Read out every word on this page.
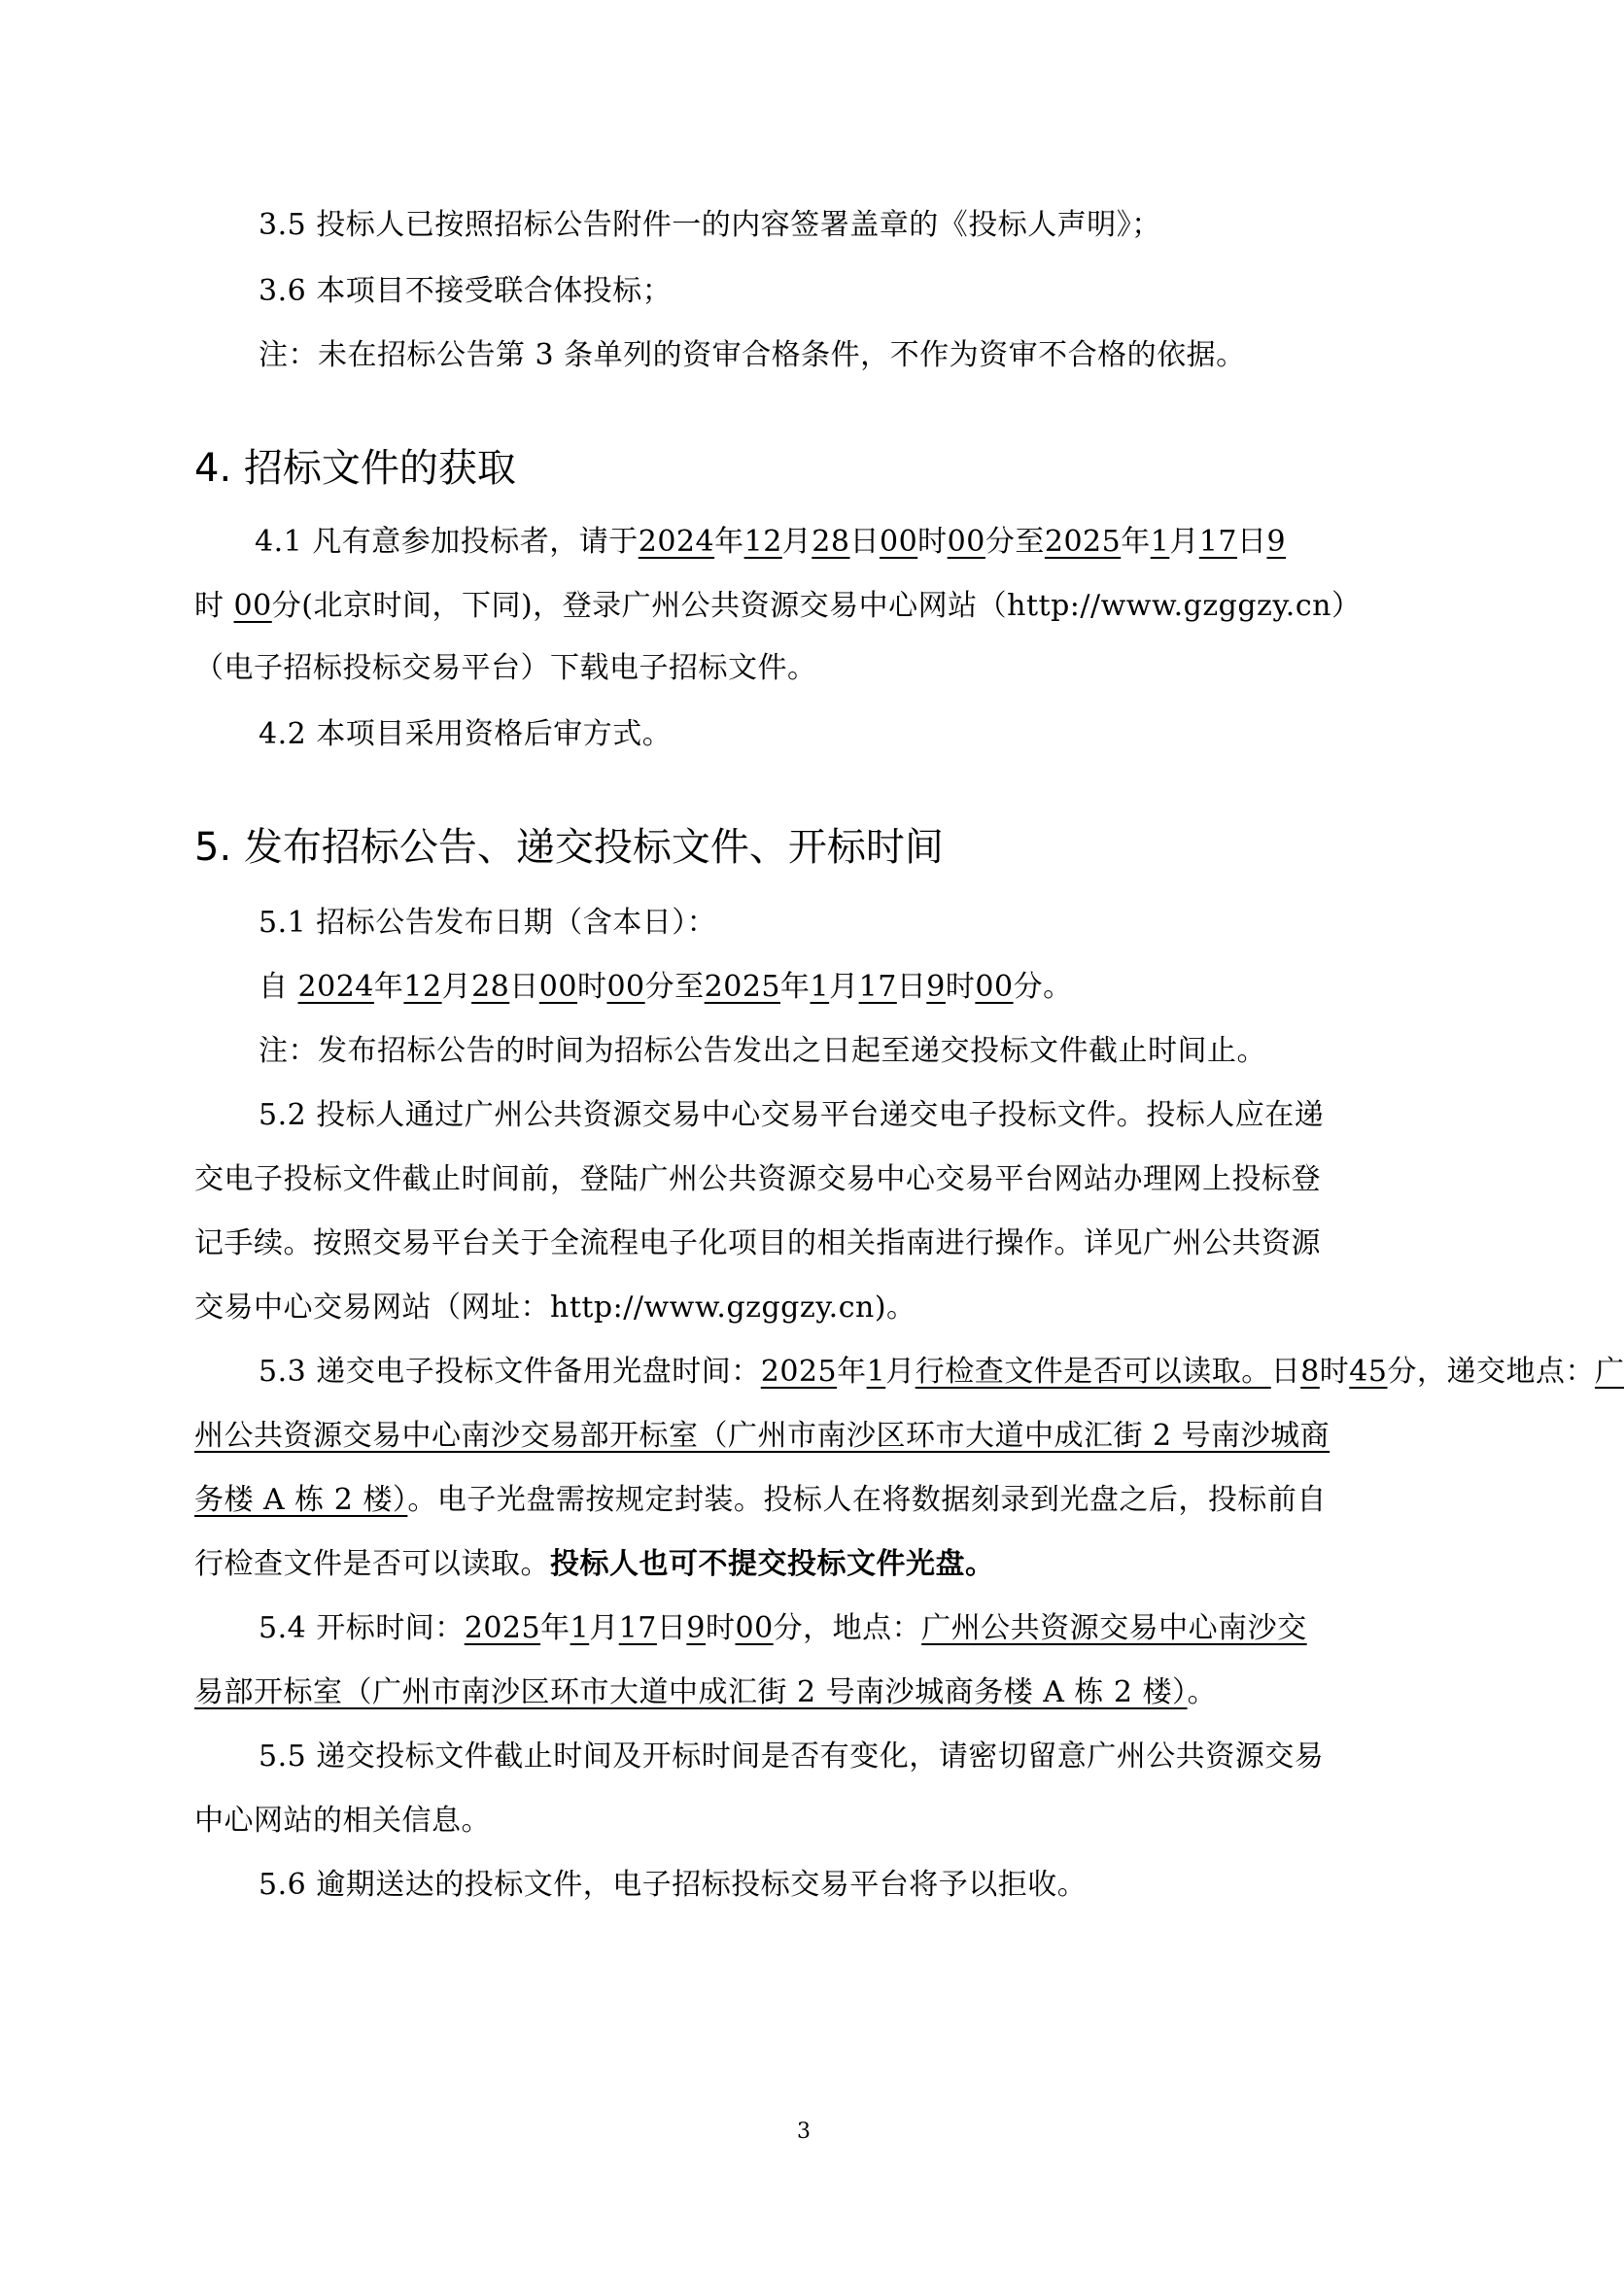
3.5 投标人已按照招标公告附件一的内容签署盖章的《投标人声明》；
3.6 本项目不接受联合体投标；
注：未在招标公告第 3 条单列的资审合格条件，不作为资审不合格的依据。
4. 招标文件的获取
4.1 凡有意参加投标者，请于2024年12月28日00时00分至2025年1月17日9
时 00分(北京时间，下同)，登录广州公共资源交易中心网站（http://www.gzggzy.cn）
（电子招标投标交易平台）下载电子招标文件。
4.2 本项目采用资格后审方式。
5. 发布招标公告、递交投标文件、开标时间
5.1 招标公告发布日期（含本日）：
自 2024年12月28日00时00分至2025年1月17日9时00分。
注：发布招标公告的时间为招标公告发出之日起至递交投标文件截止时间止。
5.2 投标人通过广州公共资源交易中心交易平台递交电子投标文件。投标人应在递
交电子投标文件截止时间前，登陆广州公共资源交易中心交易平台网站办理网上投标登
记手续。按照交易平台关于全流程电子化项目的相关指南进行操作。详见广州公共资源
交易中心交易网站（网址：http://www.gzggzy.cn)。
5.3 递交电子投标文件备用光盘时间：2025年1月行检查文件是否可以读取。日8时45分，递交地点：广
州公共资源交易中心南沙交易部开标室（广州市南沙区环市大道中成汇街 2 号南沙城商
务楼 A 栋 2 楼）。电子光盘需按规定封装。投标人在将数据刻录到光盘之后，投标前自
行检查文件是否可以读取。投标人也可不提交投标文件光盘。
5.4 开标时间：2025年1月17日9时00分，地点：广州公共资源交易中心南沙交
易部开标室（广州市南沙区环市大道中成汇街 2 号南沙城商务楼 A 栋 2 楼）。
5.5 递交投标文件截止时间及开标时间是否有变化，请密切留意广州公共资源交易
中心网站的相关信息。
5.6 逾期送达的投标文件，电子招标投标交易平台将予以拒收。
3
